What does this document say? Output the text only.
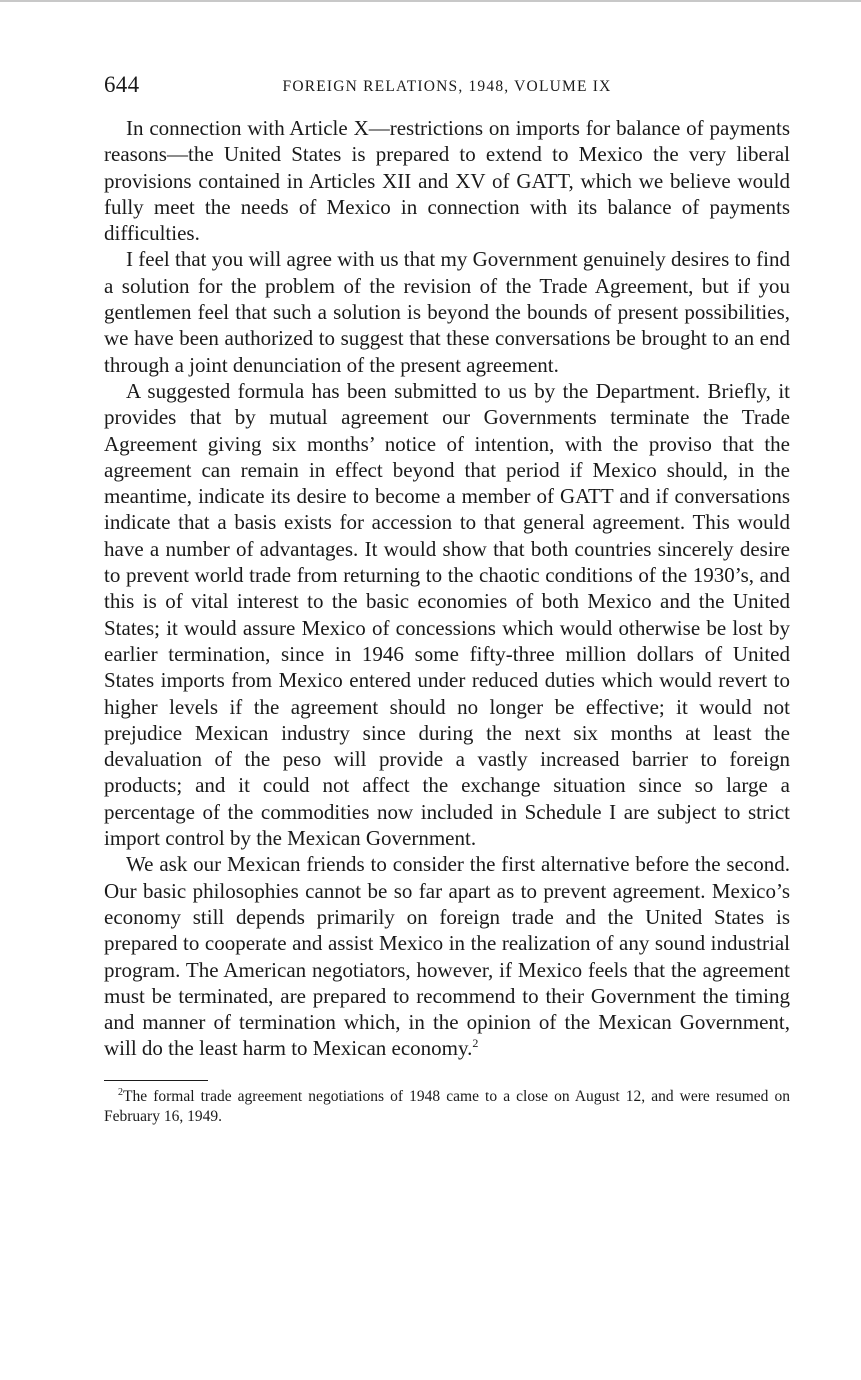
644	FOREIGN RELATIONS, 1948, VOLUME IX

In connection with Article X—restrictions on imports for balance of payments reasons—the United States is prepared to extend to Mexico the very liberal provisions contained in Articles XII and XV of GATT, which we believe would fully meet the needs of Mexico in connection with its balance of payments difficulties.

I feel that you will agree with us that my Government genuinely desires to find a solution for the problem of the revision of the Trade Agreement, but if you gentlemen feel that such a solution is beyond the bounds of present possibilities, we have been authorized to suggest that these conversations be brought to an end through a joint denunciation of the present agreement.

A suggested formula has been submitted to us by the Department. Briefly, it provides that by mutual agreement our Governments terminate the Trade Agreement giving six months’ notice of intention, with the proviso that the agreement can remain in effect beyond that period if Mexico should, in the meantime, indicate its desire to become a member of GATT and if conversations indicate that a basis exists for accession to that general agreement. This would have a number of advantages. It would show that both countries sincerely desire to prevent world trade from returning to the chaotic conditions of the 1930’s, and this is of vital interest to the basic economies of both Mexico and the United States; it would assure Mexico of concessions which would otherwise be lost by earlier termination, since in 1946 some fifty-three million dollars of United States imports from Mexico entered under reduced duties which would revert to higher levels if the agreement should no longer be effective; it would not prejudice Mexican industry since during the next six months at least the devaluation of the peso will provide a vastly increased barrier to foreign products; and it could not affect the exchange situation since so large a percentage of the commodities now included in Schedule I are subject to strict import control by the Mexican Government.

We ask our Mexican friends to consider the first alternative before the second. Our basic philosophies cannot be so far apart as to prevent agreement. Mexico’s economy still depends primarily on foreign trade and the United States is prepared to cooperate and assist Mexico in the realization of any sound industrial program. The American negotiators, however, if Mexico feels that the agreement must be terminated, are prepared to recommend to their Government the timing and manner of termination which, in the opinion of the Mexican Government, will do the least harm to Mexican economy.$^2$

$^2$The formal trade agreement negotiations of 1948 came to a close on August 12, and were resumed on February 16, 1949.
